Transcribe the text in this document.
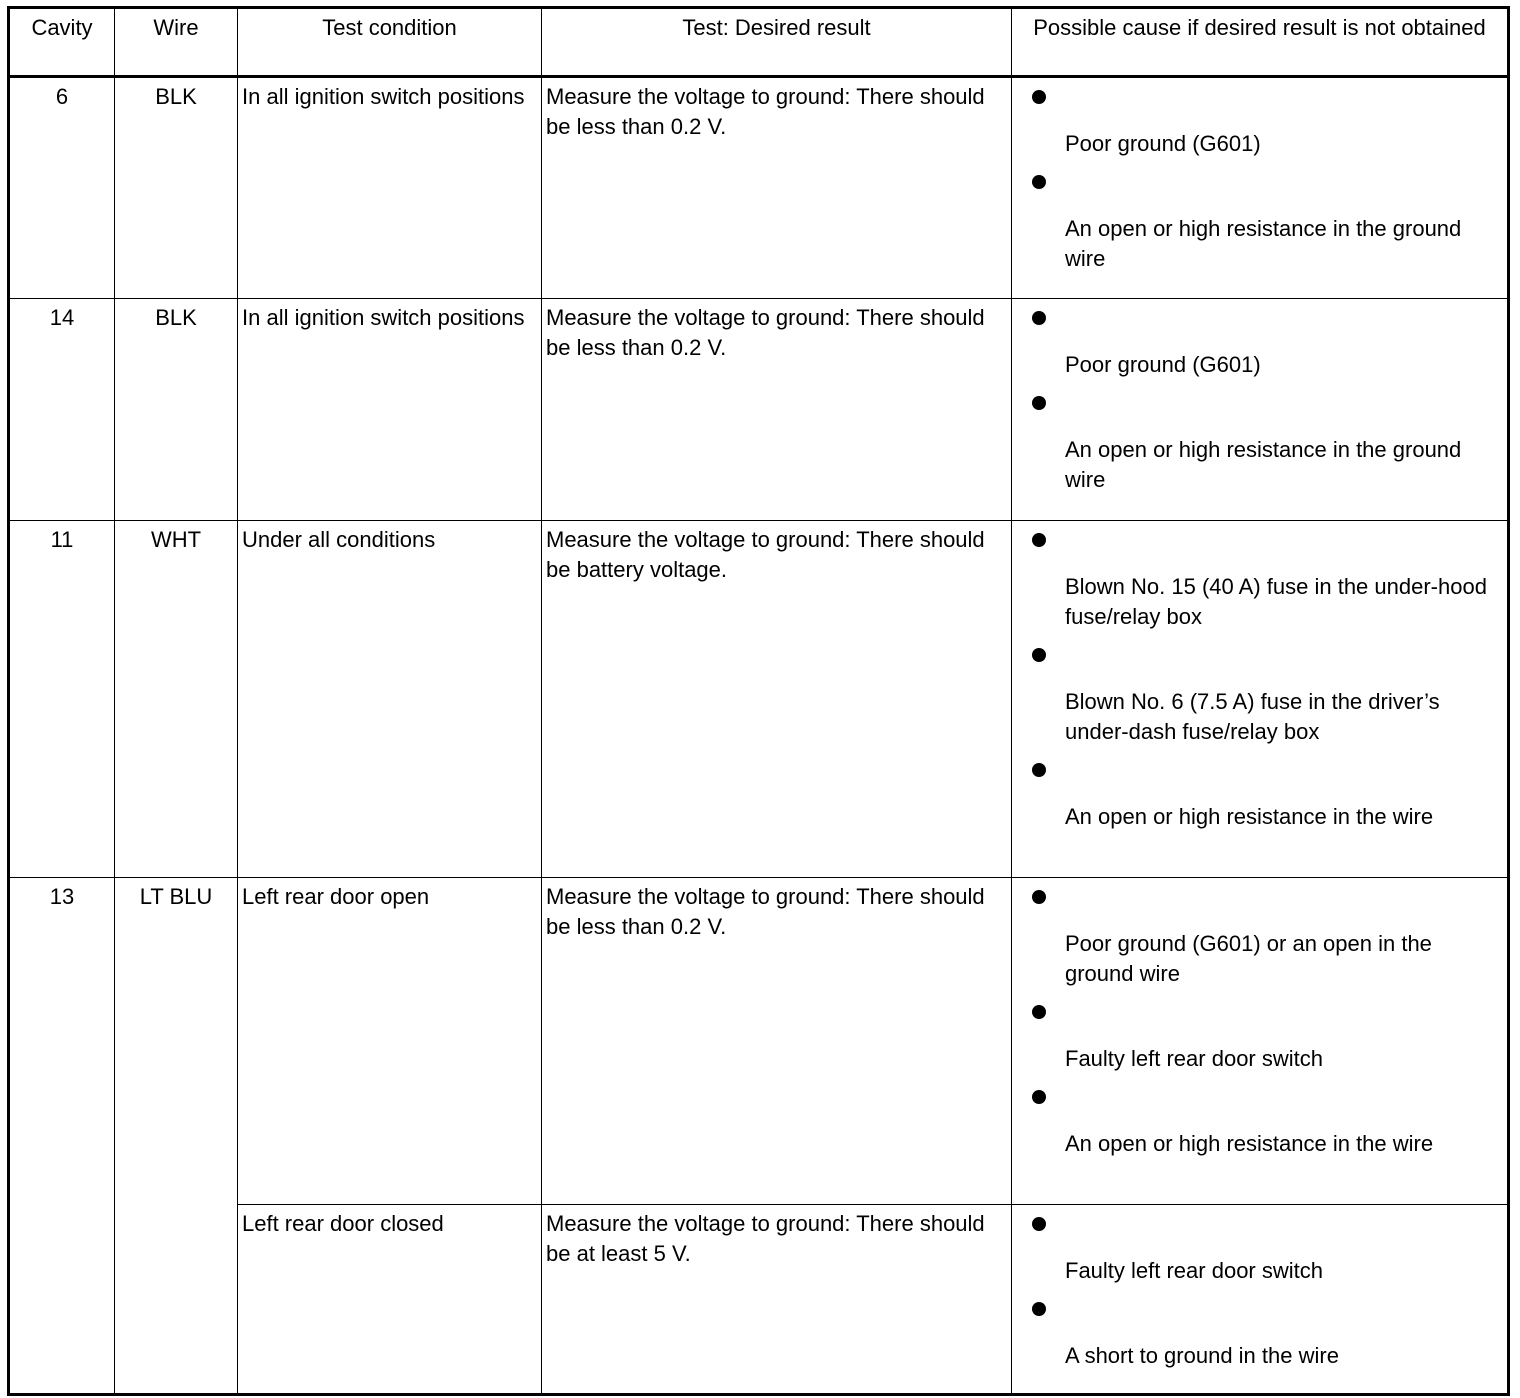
Cavity	Wire	Test condition	Test: Desired result	Possible cause if desired result is not obtained
6	BLK	In all ignition switch positions	Measure the voltage to ground: There should be less than 0.2 V.	Poor ground (G601)
An open or high resistance in the ground wire

14	BLK	In all ignition switch positions	Measure the voltage to ground: There should be less than 0.2 V.	Poor ground (G601)
An open or high resistance in the ground wire

11	WHT	Under all conditions	Measure the voltage to ground: There should be battery voltage.	Blown No. 15 (40 A) fuse in the under-hood fuse/relay box
Blown No. 6 (7.5 A) fuse in the driver’s under-dash fuse/relay box
An open or high resistance in the wire

13	LT BLU	Left rear door open	Measure the voltage to ground: There should be less than 0.2 V.	Poor ground (G601) or an open in the ground wire
Faulty left rear door switch
An open or high resistance in the wire

		Left rear door closed	Measure the voltage to ground: There should be at least 5 V.	Faulty left rear door switch
A short to ground in the wire
